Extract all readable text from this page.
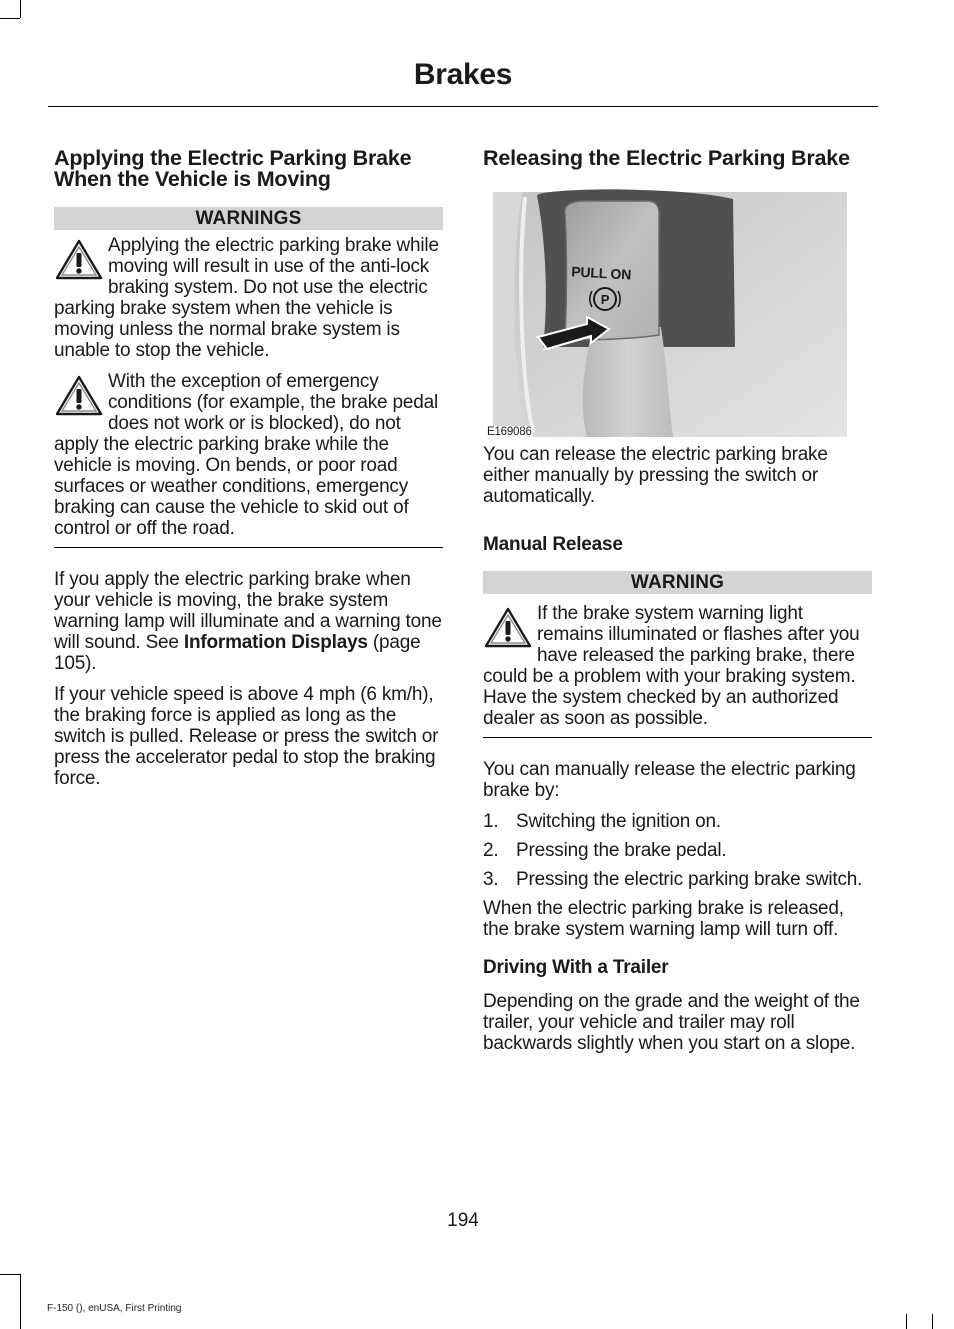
Brakes
Applying the Electric Parking Brake When the Vehicle is Moving
WARNINGS

Applying the electric parking brake while moving will result in use of the anti-lock braking system. Do not use the electric parking brake system when the vehicle is moving unless the normal brake system is unable to stop the vehicle.

With the exception of emergency conditions (for example, the brake pedal does not work or is blocked), do not apply the electric parking brake while the vehicle is moving. On bends, or poor road surfaces or weather conditions, emergency braking can cause the vehicle to skid out of control or off the road.

If you apply the electric parking brake when your vehicle is moving, the brake system warning lamp will illuminate and a warning tone will sound. See Information Displays (page 105).

If your vehicle speed is above 4 mph (6 km/h), the braking force is applied as long as the switch is pulled. Release or press the switch or press the accelerator pedal to stop the braking force.

Releasing the Electric Parking Brake
PULL ON
P
E169086

You can release the electric parking brake either manually by pressing the switch or automatically.

Manual Release
WARNING

If the brake system warning light remains illuminated or flashes after you have released the parking brake, there could be a problem with your braking system. Have the system checked by an authorized dealer as soon as possible.

You can manually release the electric parking brake by:

1. Switching the ignition on.
2. Pressing the brake pedal.
3. Pressing the electric parking brake switch.

When the electric parking brake is released, the brake system warning lamp will turn off.

Driving With a Trailer

Depending on the grade and the weight of the trailer, your vehicle and trailer may roll backwards slightly when you start on a slope.

194
F-150 (), enUSA, First Printing
